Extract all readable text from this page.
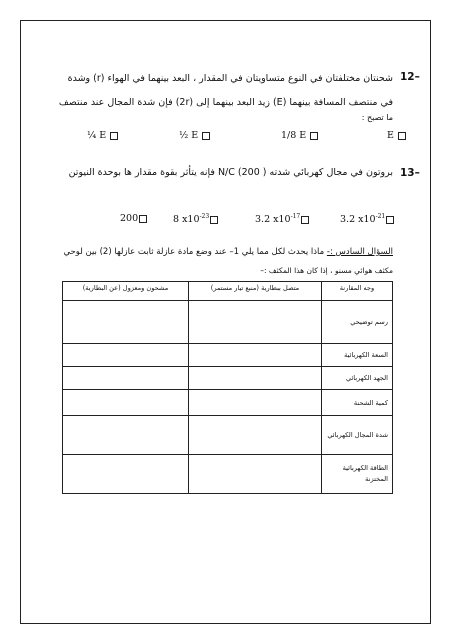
12–
شحنتان مختلفتان في النوع متساويتان في المقدار ، البعد بينهما في الهواء (r) وشدة
في منتصف المسافة بينهما (E) زيد البعد بينهما إلى (2r) فإن شدة المجال عند منتصف
ما تصبح :
E
1/8 E
½ E
¼ E
13–
بروتون في مجال كهربائي شدته N/C (200 ) فإنه يتأثر بقوة مقدار ها بوحدة النيوتن
3.2 $x10^{-21}$
3.2 $x10^{-17}$
8 $x10^{-23}$
200
السؤال السادس :- ماذا يحدث لكل مما يلي 1– عند وضع مادة عازلة ثابت عازلها (2) بين لوحي
مكثف هوائي مسنو ، إذا كان هذا المكثف :–
وجه المقارنة	متصل ببطارية (منبع تيار مستمر)	مشحون ومعزول (عن البطارية)
رسم توضيحي		
السعة الكهربائية		
الجهد الكهربائي		
كمية الشحنة		
شدة المجال الكهربائي		
الطاقة الكهربائية المختزنة		
